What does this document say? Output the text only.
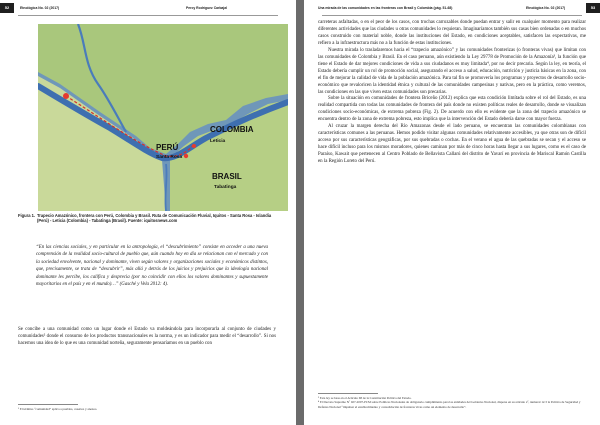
52	Etnológica No. 02 (2017)	Percy Rodríguez Carbajal
COLOMBIA
Leticia
PERÚ
Santa Rosa
BRASIL
Tabatinga
Figura 1. Trapecio Amazónico, frontera con Perú, Colombia y Brasil. Ruta de Comunicación Fluvial, Iquitos - Santa Rosa - Islandia (Perú) - Leticia (Colombia) - Tabatinga (Brasil). Fuente: iquitosnews.com
“En las ciencias sociales, y en particular en la antropología, el “descubrimiento” consiste en acceder a una nueva comprensión de la realidad socio-cultural de pueblo que, aún cuando hoy en día se relacionan con el mercado y con la sociedad envolvente, nacional y dominante, viven según valores y organizaciones sociales y económicos distintos, que, precisamente, se trata de “descubrir”, más allá y detrás de los juicios y prejuicios que la ideología nacional dominante les percibe, los califica y desprecia (por no coincidir con ellos los valores dominantes y supuestamente mayoritarios en el país y en el mundo)…” (Gasché y Vela 2012: 4).
Se concibe a una comunidad como un lugar donde el Estado va moldeándola para incorporarla al conjunto de ciudades y comunidades² donde el consumo de los productos transnacionales es la norma, y es un indicador para medir el “desarrollo”. Si nos hacemos una idea de lo que es una comunidad norteña, seguramente pensaríamos en un pueblo con
¹ El término “comunidad” aplica a pueblos, caseríos y anexos.
Una mirada de las comunidades en las fronteras con Brasil y Colombia (pág. 51-68)	Etnológica No. 02 (2017)	53

carreteras asfaltadas, o en el peor de los casos, con trochas carrozables donde puedan entrar y salir en cualquier momento para realizar diferentes actividades que las ciudades u otras comunidades lo requieran. Imaginaríamos también sus casas bien ordenadas o en muchos casos construido con material noble, donde las instituciones del Estado, en condiciones aceptables, satisfacen las expectativas, me refiero a la infraestructura más no a la función de estas instituciones.

Nuestra mirada lo trasladaremos hacia el “trapecio amazónico” y las comunidades fronterizas (o fronteras vivas) que limitan con las comunidades de Colombia y Brasil. En el caso peruano, aún existiendo la Ley 29778 de Promoción de la Amazonía³, la función que tiene el Estado de dar mejores condiciones de vida a sus ciudadanos es muy limitada⁴, por no decir precaria. Según la ley, en teoría, el Estado debería cumplir un rol de promoción social, asegurando el acceso a salud, educación, nutrición y justicia básicas en la zona, con el fin de mejorar la calidad de vida de la población amazónica. Para tal fin se promovería los programas y proyectos de desarrollo socio-económico que revaloricen la identidad étnica y cultural de las comunidades campesinas y nativas, pero en la práctica, como veremos, las condiciones en las que viven estas comunidades son precarias.

Sobre la situación en comunidades de frontera Briceño (2012) explica que esta condición limítada sobre el rol del Estado, es una realidad compartida con todas las comunidades de frontera del país donde no existen políticas reales de desarrollo, donde se visualizan condiciones socio-económicas, de extrema pobreza (Fig. 2). De acuerdo con ello es evidente que la zona del trapecio amazónico se encuentra dentro de la zona de extrema pobreza, esto implica que la intervención del Estado debería darse con mayor fuerza.

Al cruzar la margen derecha del Río Amazonas desde el lado peruano, se encuentran las comunidades colombianas con características comunes a las peruanas. Hemos podido visitar algunas comunidades relativamente accesibles, ya que otras son de difícil acceso por sus características geográficas, por sus quebradas o cochas. En el verano el agua de las quebradas se secan y el acceso se hace difícil incluso para los mismos moradores, quienes caminan por más de cinco horas hasta llegar a sus lugares, como es el caso de Paraíso, Kawait que pertenecen al Centro Poblado de Bellavista Callarú del distrito de Yavarí en provincia de Mariscal Ramón Castilla en la Región Loreto del Perú.

³ Esta ley se basa en el Artículo 68 de la Constitución Política del Estado.
⁴ El Decreto Supremo Nº 027-2007-PCM sobre Políticas Nacionales de obligatorio cumplimiento para las entidades del Gobierno Nacional, dispone en su artículo 2º, numeral 12.3 la Política de Seguridad y Defensa Nacional “impulsar el establecimiento y consolidación de fronteras vivas como un elemento de desarrollo”.
